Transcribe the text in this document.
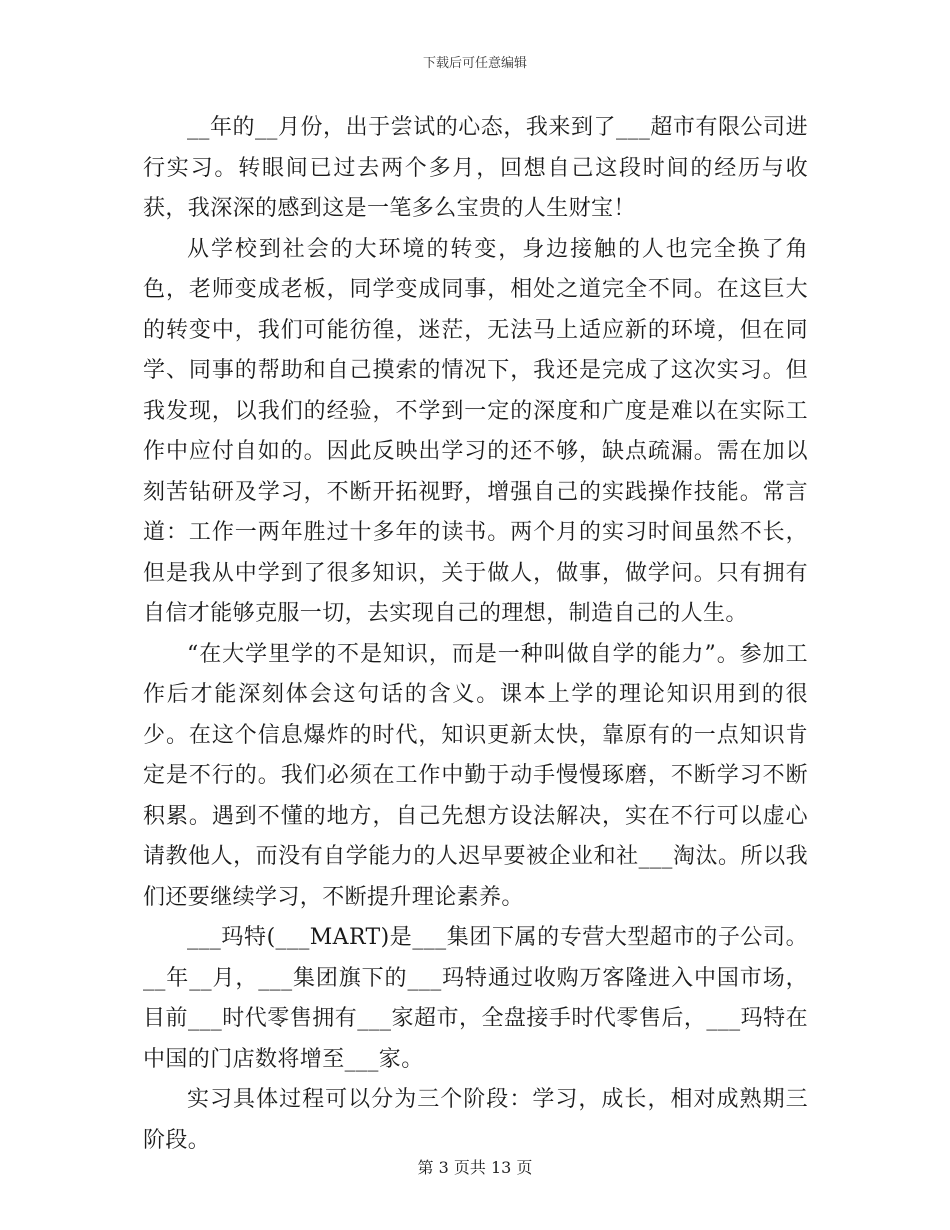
下载后可任意编辑

__年的__月份，出于尝试的心态，我来到了___超市有限公司进行实习。转眼间已过去两个多月，回想自己这段时间的经历与收获，我深深的感到这是一笔多么宝贵的人生财宝！

从学校到社会的大环境的转变，身边接触的人也完全换了角色，老师变成老板，同学变成同事，相处之道完全不同。在这巨大的转变中，我们可能彷徨，迷茫，无法马上适应新的环境，但在同学、同事的帮助和自己摸索的情况下，我还是完成了这次实习。但我发现，以我们的经验，不学到一定的深度和广度是难以在实际工作中应付自如的。因此反映出学习的还不够，缺点疏漏。需在加以刻苦钻研及学习，不断开拓视野，增强自己的实践操作技能。常言道：工作一两年胜过十多年的读书。两个月的实习时间虽然不长，但是我从中学到了很多知识，关于做人，做事，做学问。只有拥有自信才能够克服一切，去实现自己的理想，制造自己的人生。

“在大学里学的不是知识，而是一种叫做自学的能力”。参加工作后才能深刻体会这句话的含义。课本上学的理论知识用到的很少。在这个信息爆炸的时代，知识更新太快，靠原有的一点知识肯定是不行的。我们必须在工作中勤于动手慢慢琢磨，不断学习不断积累。遇到不懂的地方，自己先想方设法解决，实在不行可以虚心请教他人，而没有自学能力的人迟早要被企业和社___淘汰。所以我们还要继续学习，不断提升理论素养。

___玛特(___MART)是___集团下属的专营大型超市的子公司。__年__月，___集团旗下的___玛特通过收购万客隆进入中国市场，目前___时代零售拥有___家超市，全盘接手时代零售后，___玛特在中国的门店数将增至___家。

实习具体过程可以分为三个阶段：学习，成长，相对成熟期三阶段。

第 3 页共 13 页
